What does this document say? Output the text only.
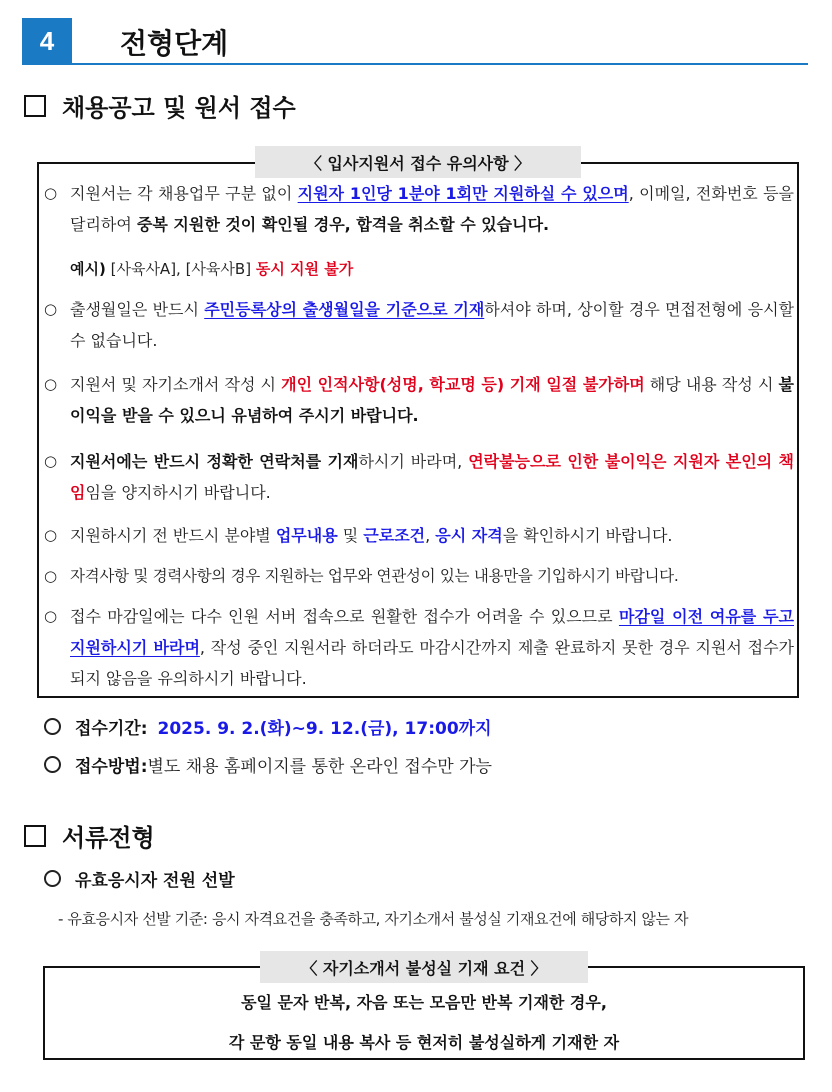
4	전형단계
채용공고 및 원서 접수
〈 입사지원서 접수 유의사항 〉
○ 지원서는 각 채용업무 구분 없이 지원자 1인당 1분야 1회만 지원하실 수 있으며, 이메일, 전화번호 등을 달리하여 중복 지원한 것이 확인될 경우, 합격을 취소할 수 있습니다.
예시) [사육사A], [사육사B] 동시 지원 불가
○ 출생월일은 반드시 주민등록상의 출생월일을 기준으로 기재하셔야 하며, 상이할 경우 면접전형에 응시할 수 없습니다.
○ 지원서 및 자기소개서 작성 시 개인 인적사항(성명, 학교명 등) 기재 일절 불가하며 해당 내용 작성 시 불이익을 받을 수 있으니 유념하여 주시기 바랍니다.
○ 지원서에는 반드시 정확한 연락처를 기재하시기 바라며, 연락불능으로 인한 불이익은 지원자 본인의 책임임을 양지하시기 바랍니다.
○ 지원하시기 전 반드시 분야별 업무내용 및 근로조건, 응시 자격을 확인하시기 바랍니다.
○ 자격사항 및 경력사항의 경우 지원하는 업무와 연관성이 있는 내용만을 기입하시기 바랍니다.
○ 접수 마감일에는 다수 인원 서버 접속으로 원활한 접수가 어려울 수 있으므로 마감일 이전 여유를 두고 지원하시기 바라며, 작성 중인 지원서라 하더라도 마감시간까지 제출 완료하지 못한 경우 지원서 접수가 되지 않음을 유의하시기 바랍니다.
접수기간: 2025. 9. 2.(화)~9. 12.(금), 17:00까지
접수방법: 별도 채용 홈페이지를 통한 온라인 접수만 가능
서류전형
유효응시자 전원 선발
- 유효응시자 선발 기준: 응시 자격요건을 충족하고, 자기소개서 불성실 기재요건에 해당하지 않는 자
동일 문자 반복, 자음 또는 모음만 반복 기재한 경우,
각 문항 동일 내용 복사 등 현저히 불성실하게 기재한 자
〈 자기소개서 불성실 기재 요건 〉
